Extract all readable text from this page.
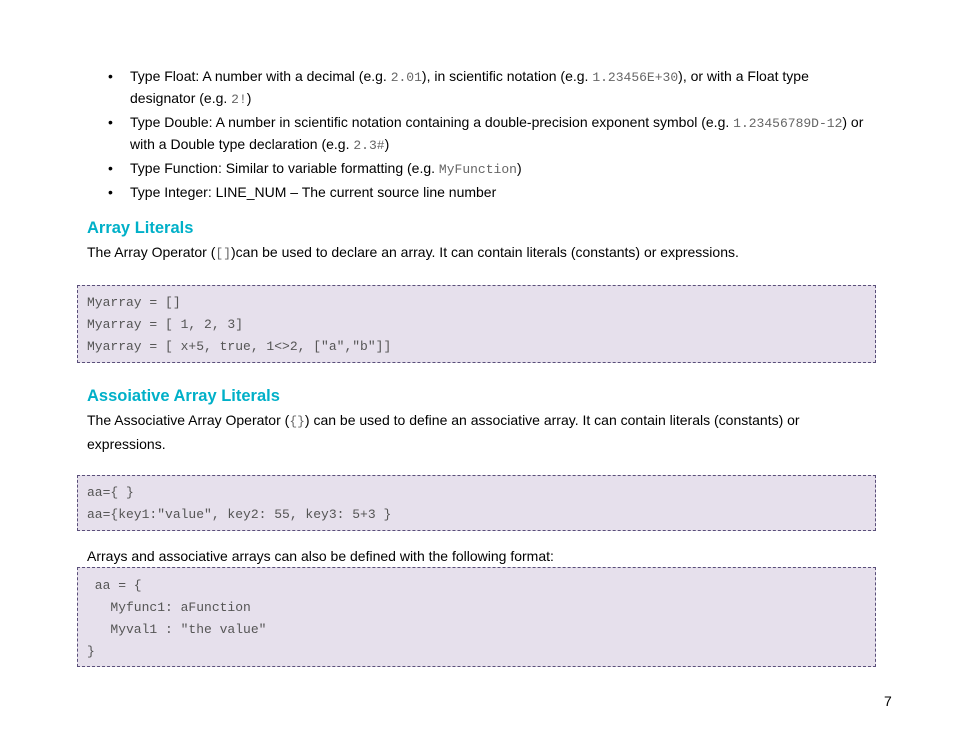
• Type Float: A number with a decimal (e.g. 2.01), in scientific notation (e.g. 1.23456E+30), or with a Float type designator (e.g. 2!)
• Type Double: A number in scientific notation containing a double-precision exponent symbol (e.g. 1.23456789D-12) or with a Double type declaration (e.g. 2.3#)
• Type Function: Similar to variable formatting (e.g. MyFunction)
• Type Integer: LINE_NUM – The current source line number
Array Literals
The Array Operator ([])can be used to declare an array. It can contain literals (constants) or expressions.
Myarray = []
Myarray = [ 1, 2, 3]
Myarray = [ x+5, true, 1<>2, ["a","b"]]
Assoiative Array Literals
The Associative Array Operator ({}) can be used to define an associative array. It can contain literals (constants) or expressions.
aa={ }
aa={key1:"value", key2: 55, key3: 5+3 }
Arrays and associative arrays can also be defined with the following format:
aa = {
Myfunc1: aFunction
Myval1 : "the value"
}
7
